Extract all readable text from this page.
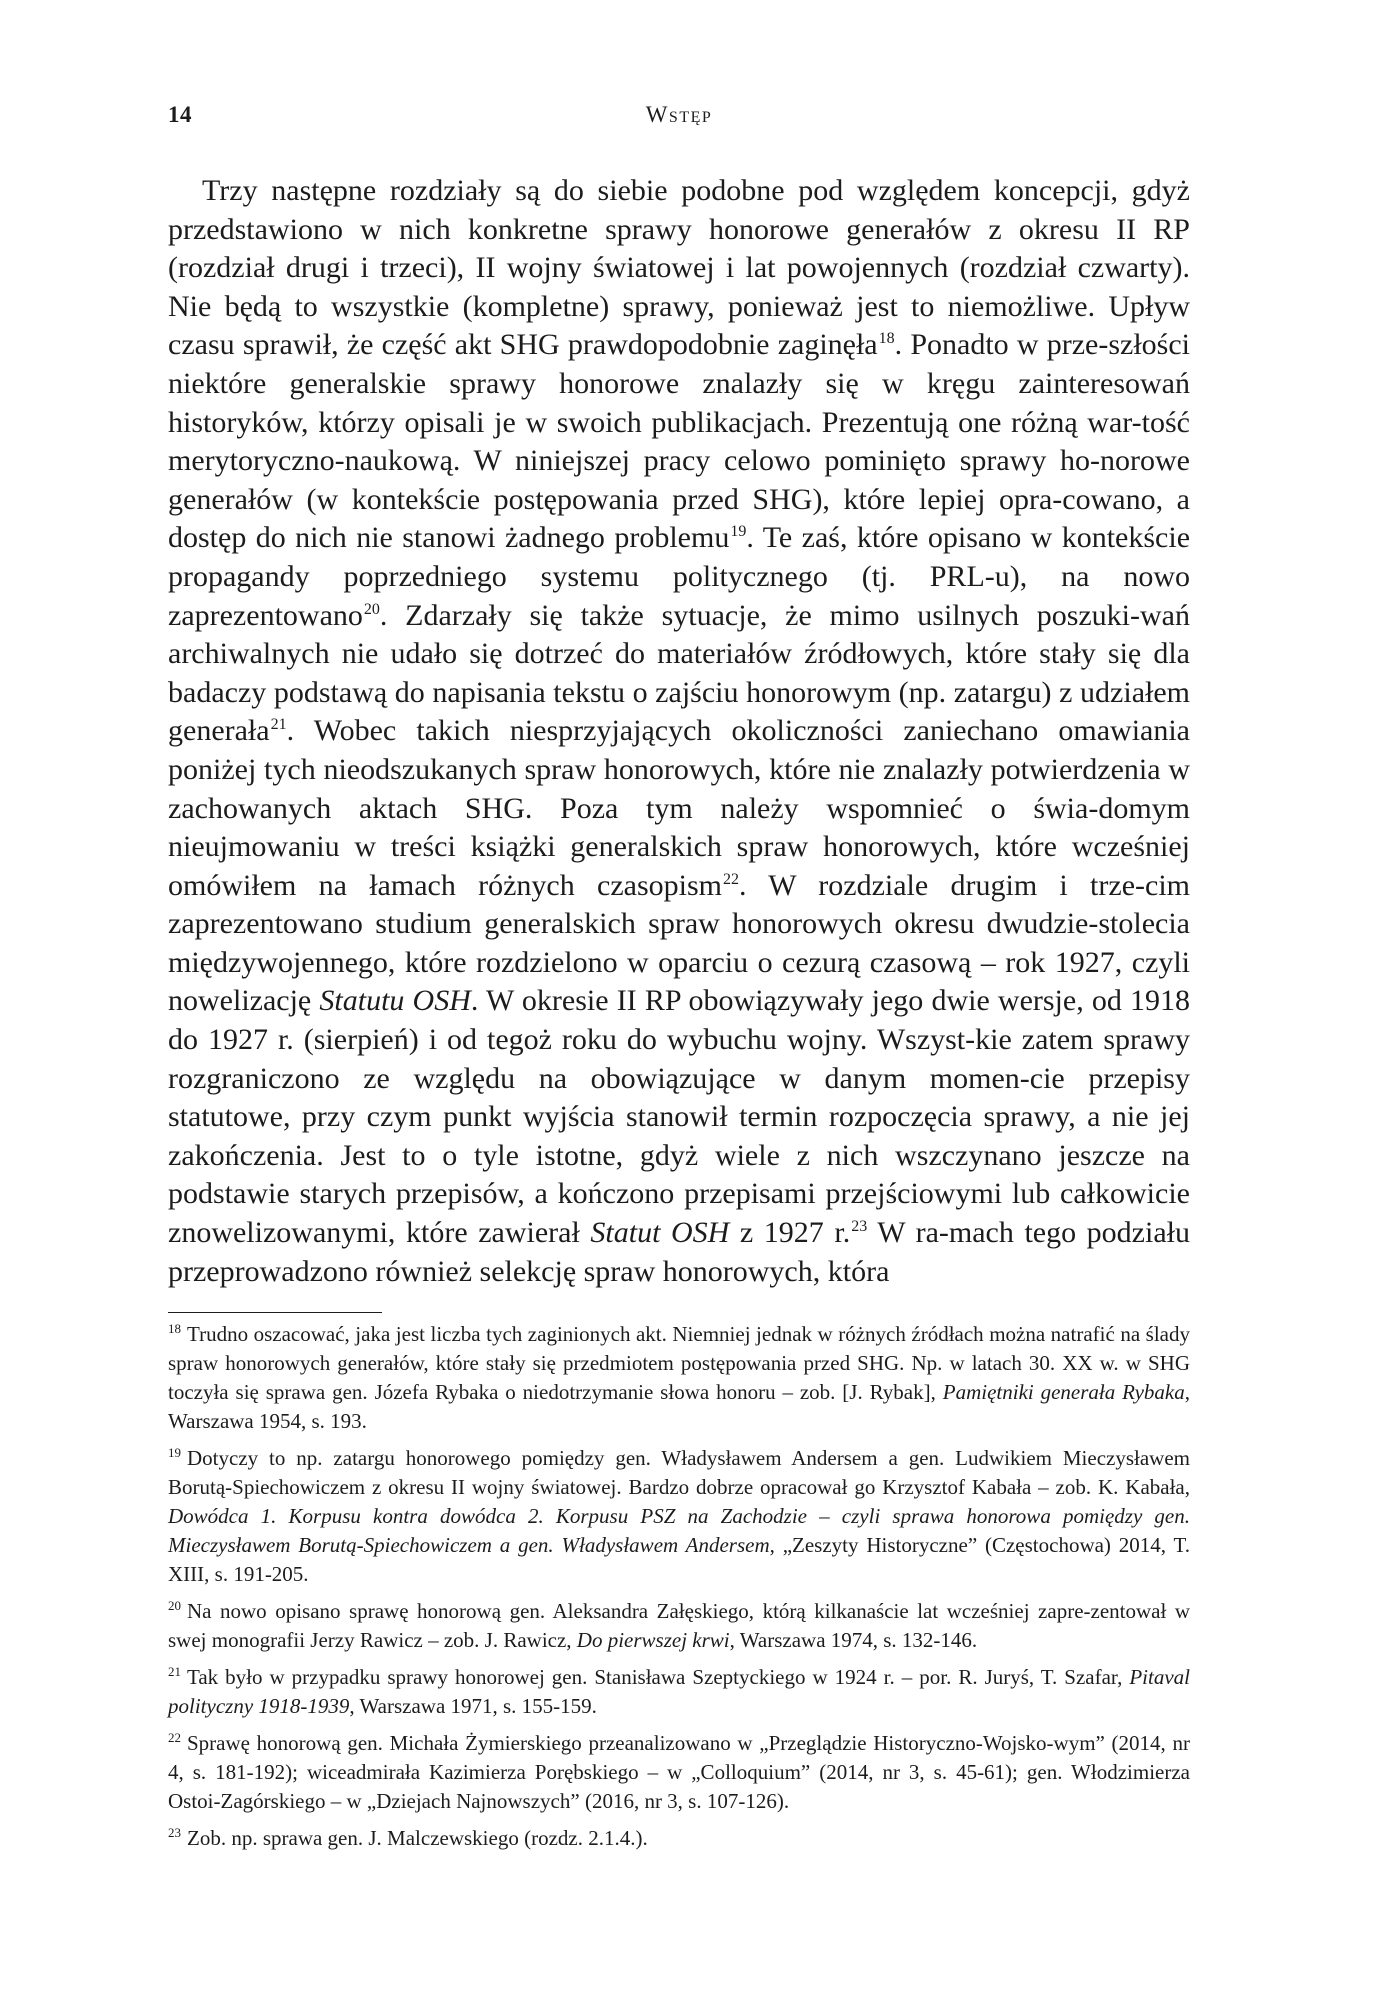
14	Wstęp

Trzy następne rozdziały są do siebie podobne pod względem koncepcji, gdyż przedstawiono w nich konkretne sprawy honorowe generałów z okresu II RP (rozdział drugi i trzeci), II wojny światowej i lat powojennych (rozdział czwarty). Nie będą to wszystkie (kompletne) sprawy, ponieważ jest to niemożliwe. Upływ czasu sprawił, że część akt SHG prawdopodobnie zaginęła$^{18}$. Ponadto w prze-szłości niektóre generalskie sprawy honorowe znalazły się w kręgu zainteresowań historyków, którzy opisali je w swoich publikacjach. Prezentują one różną war-tość merytoryczno-naukową. W niniejszej pracy celowo pominięto sprawy ho-norowe generałów (w kontekście postępowania przed SHG), które lepiej opra-cowano, a dostęp do nich nie stanowi żadnego problemu$^{19}$. Te zaś, które opisano w kontekście propagandy poprzedniego systemu politycznego (tj. PRL-u), na nowo zaprezentowano$^{20}$. Zdarzały się także sytuacje, że mimo usilnych poszuki-wań archiwalnych nie udało się dotrzeć do materiałów źródłowych, które stały się dla badaczy podstawą do napisania tekstu o zajściu honorowym (np. zatargu) z udziałem generała$^{21}$. Wobec takich niesprzyjających okoliczności zaniechano omawiania poniżej tych nieodszukanych spraw honorowych, które nie znalazły potwierdzenia w zachowanych aktach SHG. Poza tym należy wspomnieć o świa-domym nieujmowaniu w treści książki generalskich spraw honorowych, które wcześniej omówiłem na łamach różnych czasopism$^{22}$. W rozdziale drugim i trze-cim zaprezentowano studium generalskich spraw honorowych okresu dwudzie-stolecia międzywojennego, które rozdzielono w oparciu o cezurą czasową – rok 1927, czyli nowelizację Statutu OSH. W okresie II RP obowiązywały jego dwie wersje, od 1918 do 1927 r. (sierpień) i od tegoż roku do wybuchu wojny. Wszyst-kie zatem sprawy rozgraniczono ze względu na obowiązujące w danym momen-cie przepisy statutowe, przy czym punkt wyjścia stanowił termin rozpoczęcia sprawy, a nie jej zakończenia. Jest to o tyle istotne, gdyż wiele z nich wszczynano jeszcze na podstawie starych przepisów, a kończono przepisami przejściowymi lub całkowicie znowelizowanymi, które zawierał Statut OSH z 1927 r.$^{23}$ W ra-mach tego podziału przeprowadzono również selekcję spraw honorowych, która

$^{18}$ Trudno oszacować, jaka jest liczba tych zaginionych akt. Niemniej jednak w różnych źródłach można natrafić na ślady spraw honorowych generałów, które stały się przedmiotem postępowania przed SHG. Np. w latach 30. XX w. w SHG toczyła się sprawa gen. Józefa Rybaka o niedotrzymanie słowa honoru – zob. [J. Rybak], Pamiętniki generała Rybaka, Warszawa 1954, s. 193.

$^{19}$ Dotyczy to np. zatargu honorowego pomiędzy gen. Władysławem Andersem a gen. Ludwikiem Mieczysławem Borutą-Spiechowiczem z okresu II wojny światowej. Bardzo dobrze opracował go Krzysztof Kabała – zob. K. Kabała, Dowódca 1. Korpusu kontra dowódca 2. Korpusu PSZ na Zachodzie – czyli sprawa honorowa pomiędzy gen. Mieczysławem Borutą-Spiechowiczem a gen. Władysławem Andersem, „Zeszyty Historyczne” (Częstochowa) 2014, T. XIII, s. 191-205.

$^{20}$ Na nowo opisano sprawę honorową gen. Aleksandra Załęskiego, którą kilkanaście lat wcześniej zapre-zentował w swej monografii Jerzy Rawicz – zob. J. Rawicz, Do pierwszej krwi, Warszawa 1974, s. 132-146.

$^{21}$ Tak było w przypadku sprawy honorowej gen. Stanisława Szeptyckiego w 1924 r. – por. R. Juryś, T. Szafar, Pitaval polityczny 1918-1939, Warszawa 1971, s. 155-159.

$^{22}$ Sprawę honorową gen. Michała Żymierskiego przeanalizowano w „Przeglądzie Historyczno-Wojsko-wym” (2014, nr 4, s. 181-192); wiceadmirała Kazimierza Porębskiego – w „Colloquium” (2014, nr 3, s. 45-61); gen. Włodzimierza Ostoi-Zagórskiego – w „Dziejach Najnowszych” (2016, nr 3, s. 107-126).

$^{23}$ Zob. np. sprawa gen. J. Malczewskiego (rozdz. 2.1.4.).
